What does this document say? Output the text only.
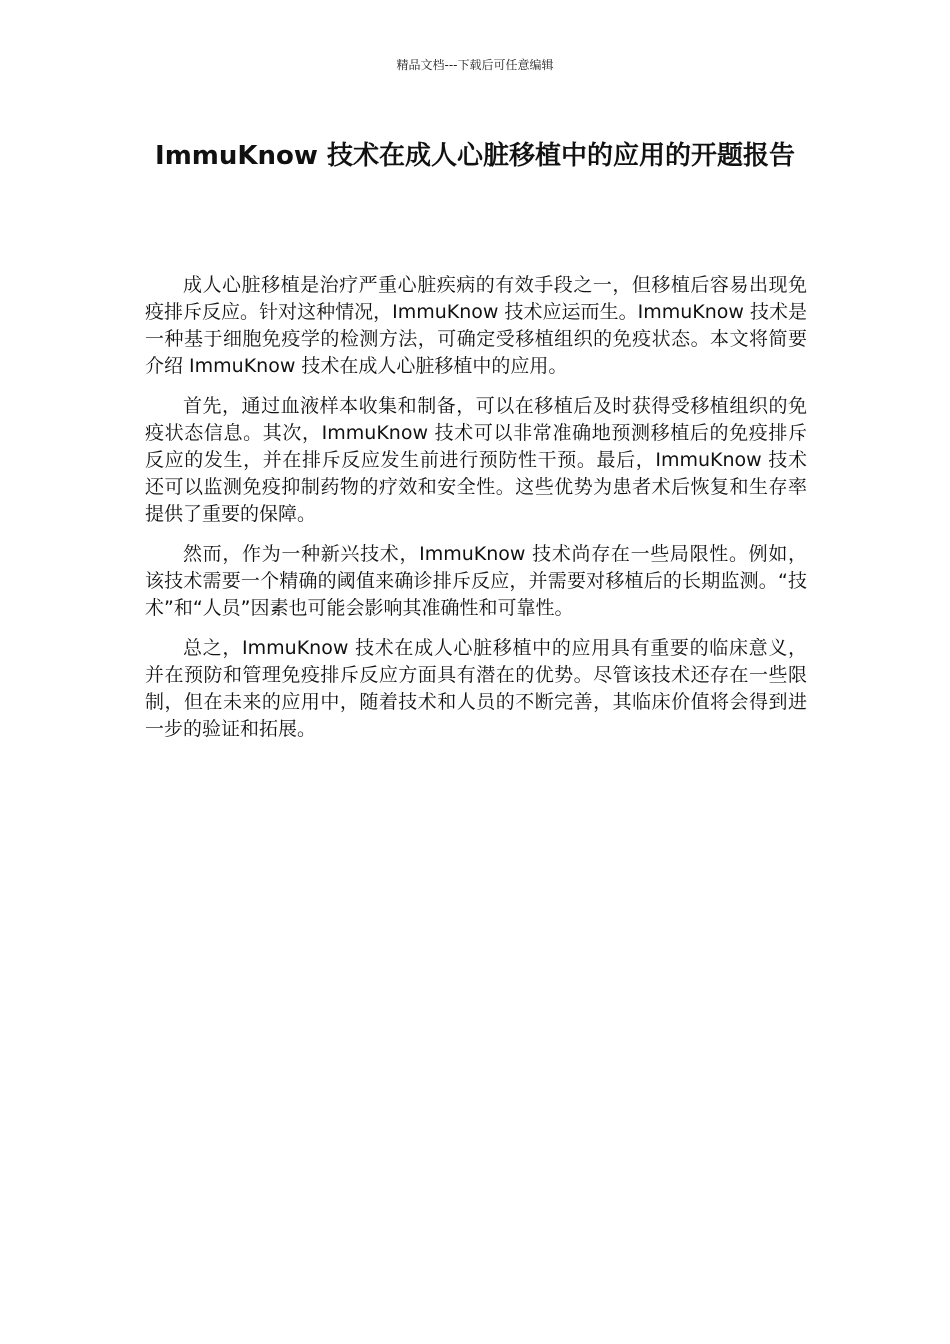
精品文档---下载后可任意编辑
ImmuKnow 技术在成人心脏移植中的应用的开题报告

成人心脏移植是治疗严重心脏疾病的有效手段之一，但移植后容易出现免疫排斥反应。针对这种情况，ImmuKnow 技术应运而生。ImmuKnow 技术是一种基于细胞免疫学的检测方法，可确定受移植组织的免疫状态。本文将简要介绍 ImmuKnow 技术在成人心脏移植中的应用。

首先，通过血液样本收集和制备，可以在移植后及时获得受移植组织的免疫状态信息。其次，ImmuKnow 技术可以非常准确地预测移植后的免疫排斥反应的发生，并在排斥反应发生前进行预防性干预。最后，ImmuKnow 技术还可以监测免疫抑制药物的疗效和安全性。这些优势为患者术后恢复和生存率提供了重要的保障。

然而，作为一种新兴技术，ImmuKnow 技术尚存在一些局限性。例如，该技术需要一个精确的阈值来确诊排斥反应，并需要对移植后的长期监测。“技术”和“人员”因素也可能会影响其准确性和可靠性。

总之，ImmuKnow 技术在成人心脏移植中的应用具有重要的临床意义，并在预防和管理免疫排斥反应方面具有潜在的优势。尽管该技术还存在一些限制，但在未来的应用中，随着技术和人员的不断完善，其临床价值将会得到进一步的验证和拓展。
